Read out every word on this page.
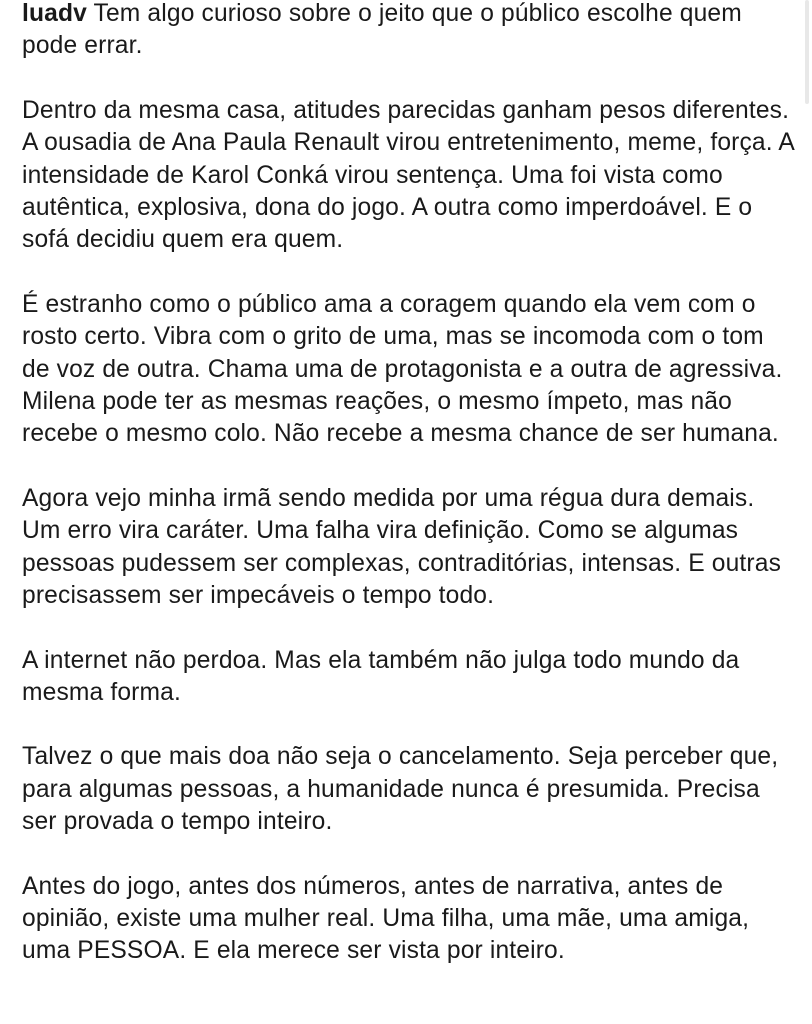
luadv Tem algo curioso sobre o jeito que o público escolhe quem pode errar.

Dentro da mesma casa, atitudes parecidas ganham pesos diferentes. A ousadia de Ana Paula Renault virou entretenimento, meme, força. A intensidade de Karol Conká virou sentença. Uma foi vista como autêntica, explosiva, dona do jogo. A outra como imperdoável. E o sofá decidiu quem era quem.

É estranho como o público ama a coragem quando ela vem com o rosto certo. Vibra com o grito de uma, mas se incomoda com o tom de voz de outra. Chama uma de protagonista e a outra de agressiva. Milena pode ter as mesmas reações, o mesmo ímpeto, mas não recebe o mesmo colo. Não recebe a mesma chance de ser humana.

Agora vejo minha irmã sendo medida por uma régua dura demais. Um erro vira caráter. Uma falha vira definição. Como se algumas pessoas pudessem ser complexas, contraditórias, intensas. E outras precisassem ser impecáveis o tempo todo.

A internet não perdoa. Mas ela também não julga todo mundo da mesma forma.

Talvez o que mais doa não seja o cancelamento. Seja perceber que, para algumas pessoas, a humanidade nunca é presumida. Precisa ser provada o tempo inteiro.

Antes do jogo, antes dos números, antes de narrativa, antes de opinião, existe uma mulher real. Uma filha, uma mãe, uma amiga, uma PESSOA. E ela merece ser vista por inteiro.
